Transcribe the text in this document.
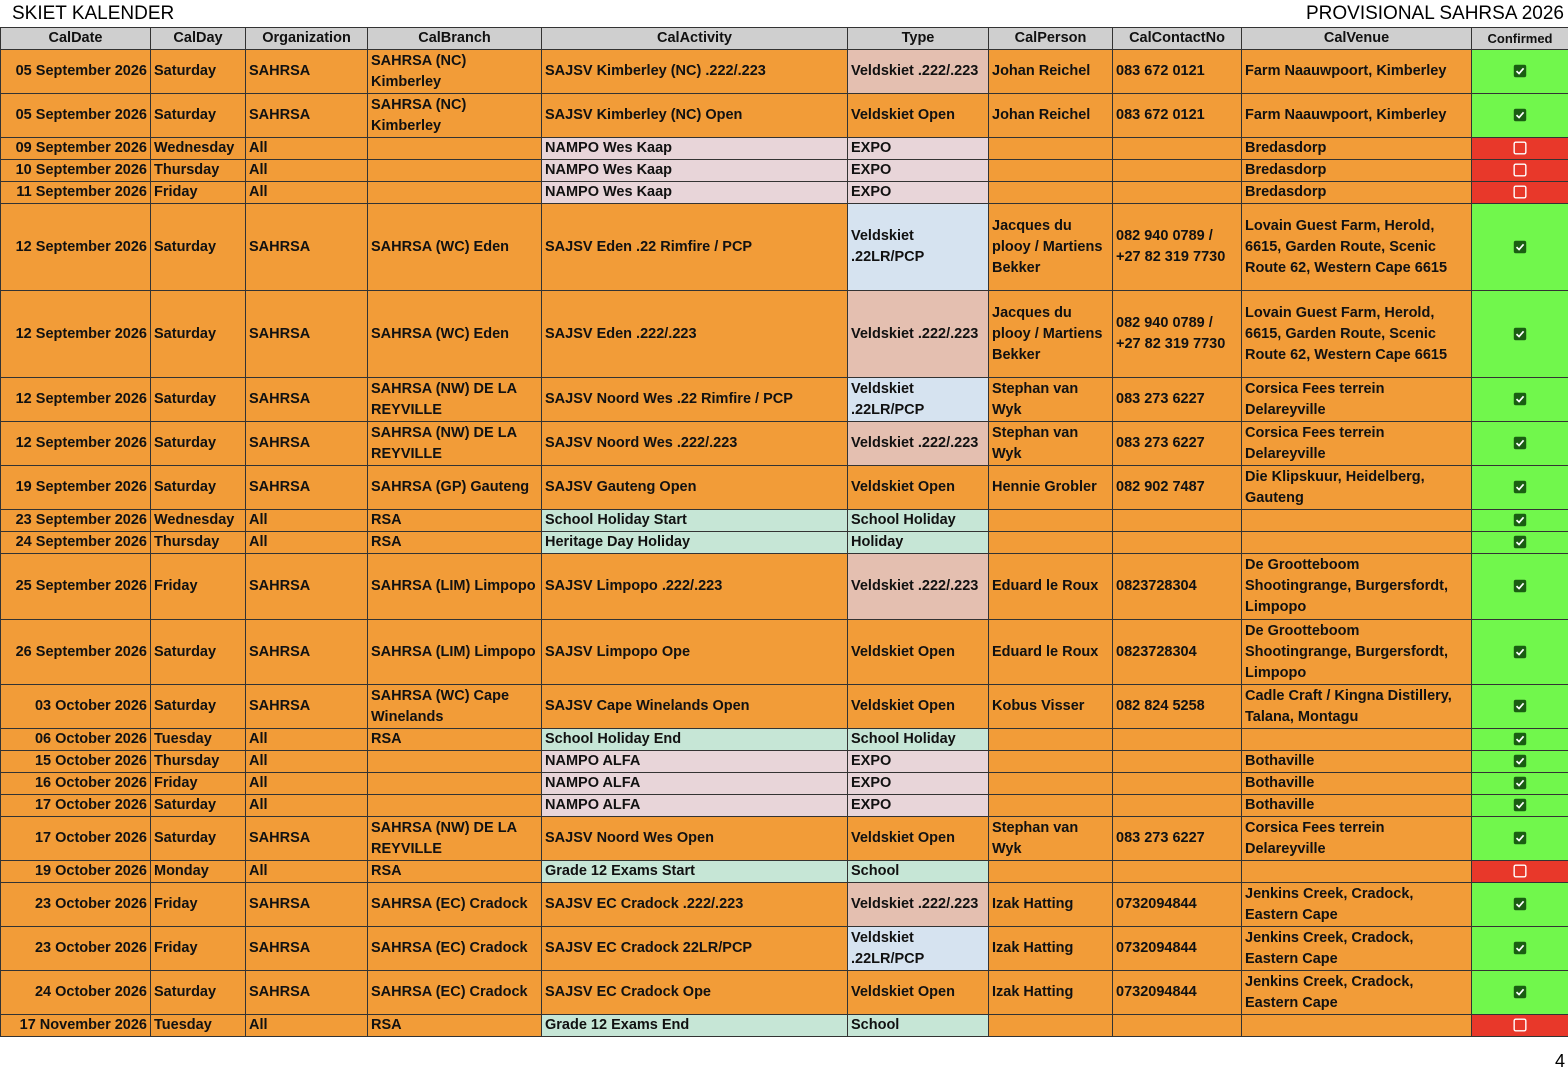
SKIET KALENDER	PROVISIONAL SAHRSA 2026
CalDate	CalDay	Organization	CalBranch	CalActivity	Type	CalPerson	CalContactNo	CalVenue	Confirmed
05 September 2026	Saturday	SAHRSA	SAHRSA (NC) Kimberley	SAJSV Kimberley (NC) .222/.223	Veldskiet .222/.223	Johan Reichel	083 672 0121	Farm Naauwpoort, Kimberley	
05 September 2026	Saturday	SAHRSA	SAHRSA (NC) Kimberley	SAJSV Kimberley (NC) Open	Veldskiet Open	Johan Reichel	083 672 0121	Farm Naauwpoort, Kimberley	
09 September 2026	Wednesday	All		NAMPO Wes Kaap	EXPO			Bredasdorp	
10 September 2026	Thursday	All		NAMPO Wes Kaap	EXPO			Bredasdorp	
11 September 2026	Friday	All		NAMPO Wes Kaap	EXPO			Bredasdorp	
12 September 2026	Saturday	SAHRSA	SAHRSA (WC) Eden	SAJSV Eden .22 Rimfire / PCP	Veldskiet .22LR/PCP	Jacques du plooy / Martiens Bekker	082 940 0789 / +27 82 319 7730	Lovain Guest Farm, Herold, 6615, Garden Route, Scenic Route 62, Western Cape 6615	
12 September 2026	Saturday	SAHRSA	SAHRSA (WC) Eden	SAJSV Eden .222/.223	Veldskiet .222/.223	Jacques du plooy / Martiens Bekker	082 940 0789 / +27 82 319 7730	Lovain Guest Farm, Herold, 6615, Garden Route, Scenic Route 62, Western Cape 6615	
12 September 2026	Saturday	SAHRSA	SAHRSA (NW) DE LA REYVILLE	SAJSV Noord Wes .22 Rimfire / PCP	Veldskiet .22LR/PCP	Stephan van Wyk	083 273 6227	Corsica Fees terrein Delareyville	
12 September 2026	Saturday	SAHRSA	SAHRSA (NW) DE LA REYVILLE	SAJSV Noord Wes .222/.223	Veldskiet .222/.223	Stephan van Wyk	083 273 6227	Corsica Fees terrein Delareyville	
19 September 2026	Saturday	SAHRSA	SAHRSA (GP) Gauteng	SAJSV Gauteng Open	Veldskiet Open	Hennie Grobler	082 902 7487	Die Klipskuur, Heidelberg, Gauteng	
23 September 2026	Wednesday	All	RSA	School Holiday Start	School Holiday				
24 September 2026	Thursday	All	RSA	Heritage Day Holiday	Holiday				
25 September 2026	Friday	SAHRSA	SAHRSA (LIM) Limpopo	SAJSV Limpopo .222/.223	Veldskiet .222/.223	Eduard le Roux	0823728304	De Grootteboom Shootingrange, Burgersfordt, Limpopo	
26 September 2026	Saturday	SAHRSA	SAHRSA (LIM) Limpopo	SAJSV Limpopo Ope	Veldskiet Open	Eduard le Roux	0823728304	De Grootteboom Shootingrange, Burgersfordt, Limpopo	
03 October 2026	Saturday	SAHRSA	SAHRSA (WC) Cape Winelands	SAJSV Cape Winelands Open	Veldskiet Open	Kobus Visser	082 824 5258	Cadle Craft / Kingna Distillery, Talana, Montagu	
06 October 2026	Tuesday	All	RSA	School Holiday End	School Holiday				
15 October 2026	Thursday	All		NAMPO ALFA	EXPO			Bothaville	
16 October 2026	Friday	All		NAMPO ALFA	EXPO			Bothaville	
17 October 2026	Saturday	All		NAMPO ALFA	EXPO			Bothaville	
17 October 2026	Saturday	SAHRSA	SAHRSA (NW) DE LA REYVILLE	SAJSV Noord Wes Open	Veldskiet Open	Stephan van Wyk	083 273 6227	Corsica Fees terrein Delareyville	
19 October 2026	Monday	All	RSA	Grade 12 Exams Start	School				
23 October 2026	Friday	SAHRSA	SAHRSA (EC) Cradock	SAJSV EC Cradock .222/.223	Veldskiet .222/.223	Izak Hatting	0732094844	Jenkins Creek, Cradock, Eastern Cape	
23 October 2026	Friday	SAHRSA	SAHRSA (EC) Cradock	SAJSV EC Cradock 22LR/PCP	Veldskiet .22LR/PCP	Izak Hatting	0732094844	Jenkins Creek, Cradock, Eastern Cape	
24 October 2026	Saturday	SAHRSA	SAHRSA (EC) Cradock	SAJSV EC Cradock Ope	Veldskiet Open	Izak Hatting	0732094844	Jenkins Creek, Cradock, Eastern Cape	
17 November 2026	Tuesday	All	RSA	Grade 12 Exams End	School				
4
